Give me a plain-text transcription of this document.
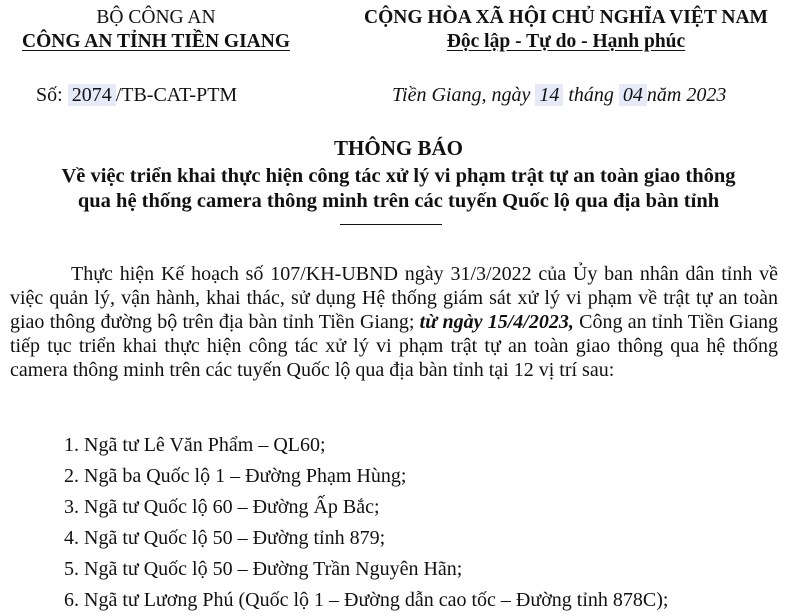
BỘ CÔNG AN
CÔNG AN TỈNH TIỀN GIANG
CỘNG HÒA XÃ HỘI CHỦ NGHĨA VIỆT NAM
Độc lập - Tự do - Hạnh phúc
Số: 2074 /TB-CAT-PTM	Tiền Giang, ngày 14 tháng 04 năm 2023
THÔNG BÁO
Về việc triển khai thực hiện công tác xử lý vi phạm trật tự an toàn giao thông
qua hệ thống camera thông minh trên các tuyến Quốc lộ qua địa bàn tỉnh

Thực hiện Kế hoạch số 107/KH-UBND ngày 31/3/2022 của Ủy ban nhân dân tỉnh về việc quản lý, vận hành, khai thác, sử dụng Hệ thống giám sát xử lý vi phạm về trật tự an toàn giao thông đường bộ trên địa bàn tỉnh Tiền Giang; từ ngày 15/4/2023, Công an tỉnh Tiền Giang tiếp tục triển khai thực hiện công tác xử lý vi phạm trật tự an toàn giao thông qua hệ thống camera thông minh trên các tuyến Quốc lộ qua địa bàn tỉnh tại 12 vị trí sau:

1. Ngã tư Lê Văn Phẩm – QL60;
2. Ngã ba Quốc lộ 1 – Đường Phạm Hùng;
3. Ngã tư Quốc lộ 60 – Đường Ấp Bắc;
4. Ngã tư Quốc lộ 50 – Đường tỉnh 879;
5. Ngã tư Quốc lộ 50 – Đường Trần Nguyên Hãn;
6. Ngã tư Lương Phú (Quốc lộ 1 – Đường dẫn cao tốc – Đường tỉnh 878C);
